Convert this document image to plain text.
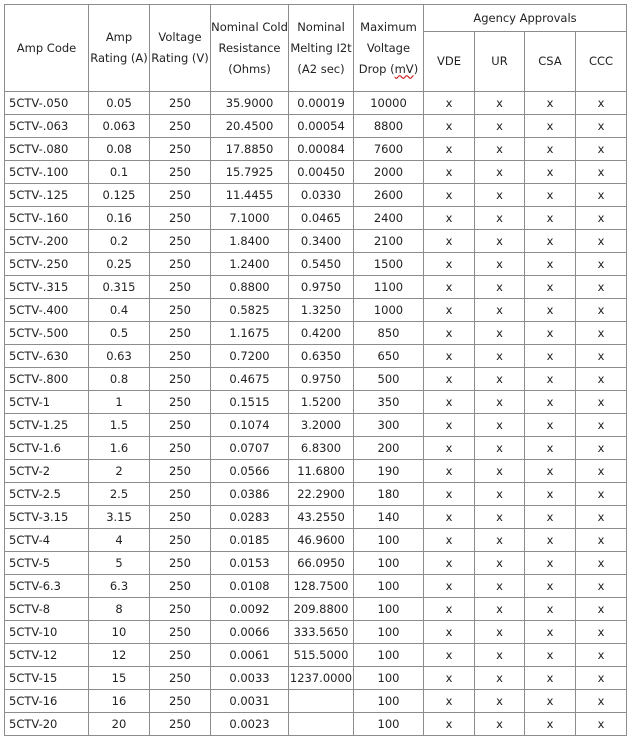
Amp Code	Amp Rating (A)	Voltage Rating (V)	Nominal Cold Resistance (Ohms)	Nominal Melting I2t (A2 sec)	Maximum Voltage Drop (mV)	Agency Approvals			
						VDE	UR	CSA	CCC
5CTV-.050	0.05	250	35.9000	0.00019	10000	x	x	x	x
5CTV-.063	0.063	250	20.4500	0.00054	8800	x	x	x	x
5CTV-.080	0.08	250	17.8850	0.00084	7600	x	x	x	x
5CTV-.100	0.1	250	15.7925	0.00450	2000	x	x	x	x
5CTV-.125	0.125	250	11.4455	0.0330	2600	x	x	x	x
5CTV-.160	0.16	250	7.1000	0.0465	2400	x	x	x	x
5CTV-.200	0.2	250	1.8400	0.3400	2100	x	x	x	x
5CTV-.250	0.25	250	1.2400	0.5450	1500	x	x	x	x
5CTV-.315	0.315	250	0.8800	0.9750	1100	x	x	x	x
5CTV-.400	0.4	250	0.5825	1.3250	1000	x	x	x	x
5CTV-.500	0.5	250	1.1675	0.4200	850	x	x	x	x
5CTV-.630	0.63	250	0.7200	0.6350	650	x	x	x	x
5CTV-.800	0.8	250	0.4675	0.9750	500	x	x	x	x
5CTV-1	1	250	0.1515	1.5200	350	x	x	x	x
5CTV-1.25	1.5	250	0.1074	3.2000	300	x	x	x	x
5CTV-1.6	1.6	250	0.0707	6.8300	200	x	x	x	x
5CTV-2	2	250	0.0566	11.6800	190	x	x	x	x
5CTV-2.5	2.5	250	0.0386	22.2900	180	x	x	x	x
5CTV-3.15	3.15	250	0.0283	43.2550	140	x	x	x	x
5CTV-4	4	250	0.0185	46.9600	100	x	x	x	x
5CTV-5	5	250	0.0153	66.0950	100	x	x	x	x
5CTV-6.3	6.3	250	0.0108	128.7500	100	x	x	x	x
5CTV-8	8	250	0.0092	209.8800	100	x	x	x	x
5CTV-10	10	250	0.0066	333.5650	100	x	x	x	x
5CTV-12	12	250	0.0061	515.5000	100	x	x	x	x
5CTV-15	15	250	0.0033	1237.0000	100	x	x	x	x
5CTV-16	16	250	0.0031		100	x	x	x	x
5CTV-20	20	250	0.0023		100	x	x	x	x
